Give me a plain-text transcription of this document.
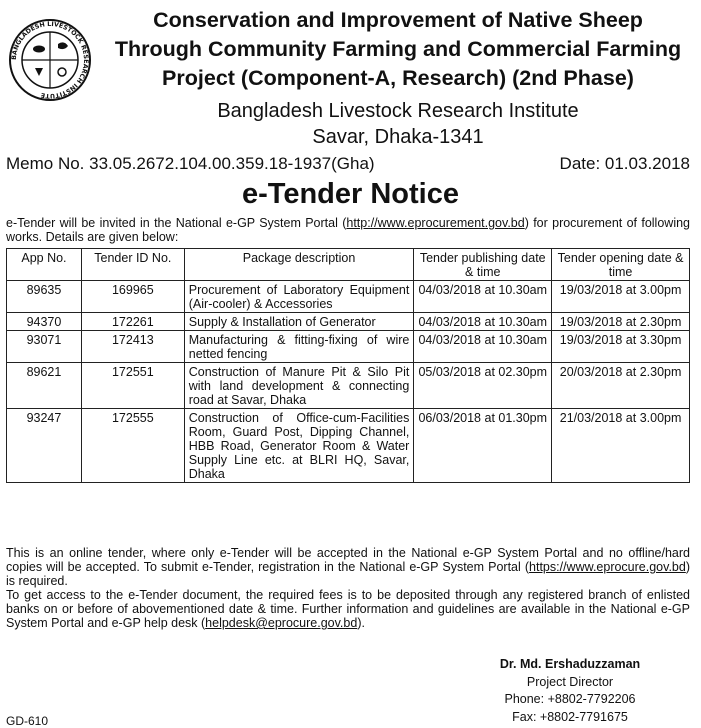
BANGLADESH LIVESTOCK RESEARCH INSTITUTE
Conservation and Improvement of Native Sheep
Through Community Farming and Commercial Farming
Project (Component-A, Research) (2nd Phase)
Bangladesh Livestock Research Institute
Savar, Dhaka-1341
Memo No. 33.05.2672.104.00.359.18-1937(Gha)	Date: 01.03.2018
e-Tender Notice
e-Tender will be invited in the National e-GP System Portal (http://www.eprocurement.gov.bd) for procurement of following works. Details are given below:
App No.	Tender ID No.	Package description	Tender publishing date & time	Tender opening date & time
89635	169965	Procurement of Laboratory Equipment (Air-cooler) & Accessories	04/03/2018 at 10.30am	19/03/2018 at 3.00pm
94370	172261	Supply & Installation of Generator	04/03/2018 at 10.30am	19/03/2018 at 2.30pm
93071	172413	Manufacturing & fitting-fixing of wire netted fencing	04/03/2018 at 10.30am	19/03/2018 at 3.30pm
89621	172551	Construction of Manure Pit & Silo Pit with land development & connecting road at Savar, Dhaka	05/03/2018 at 02.30pm	20/03/2018 at 2.30pm
93247	172555	Construction of Office-cum-Facilities Room, Guard Post, Dipping Channel, HBB Road, Generator Room & Water Supply Line etc. at BLRI HQ, Savar, Dhaka	06/03/2018 at 01.30pm	21/03/2018 at 3.00pm

This is an online tender, where only e-Tender will be accepted in the National e-GP System Portal and no offline/hard copies will be accepted. To submit e-Tender, registration in the National e-GP System Portal (https://www.eprocure.gov.bd) is required.

To get access to the e-Tender document, the required fees is to be deposited through any registered branch of enlisted banks on or before of abovementioned date & time. Further information and guidelines are available in the National e-GP System Portal and e-GP help desk (helpdesk@eprocure.gov.bd).

Dr. Md. Ershaduzzaman
Project Director
Phone: +8802-7792206
Fax: +8802-7791675
GD-610
